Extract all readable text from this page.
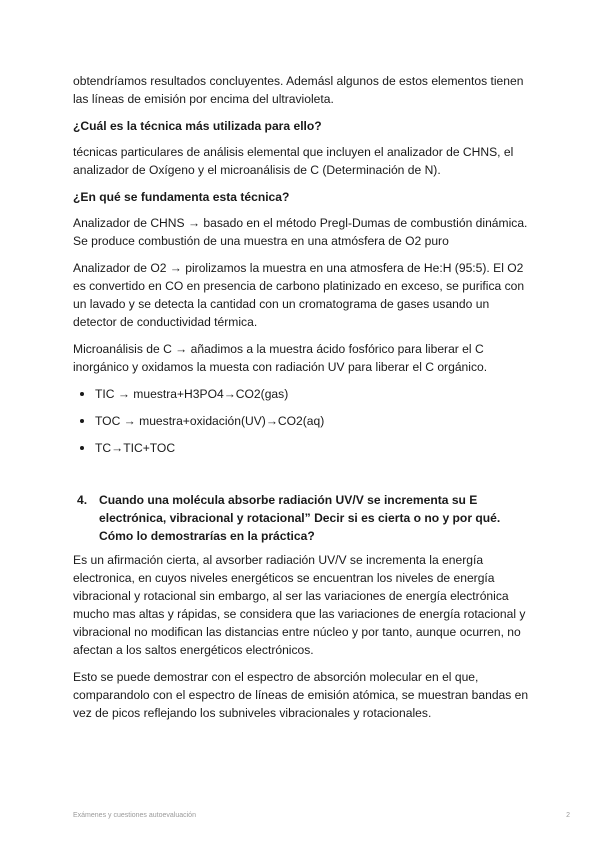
obtendríamos resultados concluyentes. Ademásl algunos de estos elementos tienen las líneas de emisión por encima del ultravioleta.

¿Cuál es la técnica más utilizada para ello?

técnicas particulares de análisis elemental que incluyen el analizador de CHNS, el analizador de Oxígeno y el microanálisis de C (Determinación de N).

¿En qué se fundamenta esta técnica?

Analizador de CHNS → basado en el método Pregl-Dumas de combustión dinámica. Se produce combustión de una muestra en una atmósfera de O2 puro

Analizador de O2 → pirolizamos la muestra en una atmosfera de He:H (95:5). El O2 es convertido en CO en presencia de carbono platinizado en exceso, se purifica con un lavado y se detecta la cantidad con un cromatograma de gases usando un detector de conductividad térmica.

Microanálisis de C → añadimos a la muestra ácido fosfórico para liberar el C inorgánico y oxidamos la muesta con radiación UV para liberar el C orgánico.

TIC → muestra+H3PO4→CO2(gas)
TOC → muestra+oxidación(UV)→CO2(aq)
TC→TIC+TOC
4. Cuando una molécula absorbe radiación UV/V se incrementa su E electrónica, vibracional y rotacional” Decir si es cierta o no y por qué. Cómo lo demostrarías en la práctica?

Es un afirmación cierta, al avsorber radiación UV/V se incrementa la energía electronica, en cuyos niveles energéticos se encuentran los niveles de energía vibracional y rotacional sin embargo, al ser las variaciones de energía electrónica mucho mas altas y rápidas, se considera que las variaciones de energía rotacional y vibracional no modifican las distancias entre núcleo y por tanto, aunque ocurren, no afectan a los saltos energéticos electrónicos.

Esto se puede demostrar con el espectro de absorción molecular en el que, comparandolo con el espectro de líneas de emisión atómica, se muestran bandas en vez de picos reflejando los subniveles vibracionales y rotacionales.

Exámenes y cuestiones autoevaluación	2
